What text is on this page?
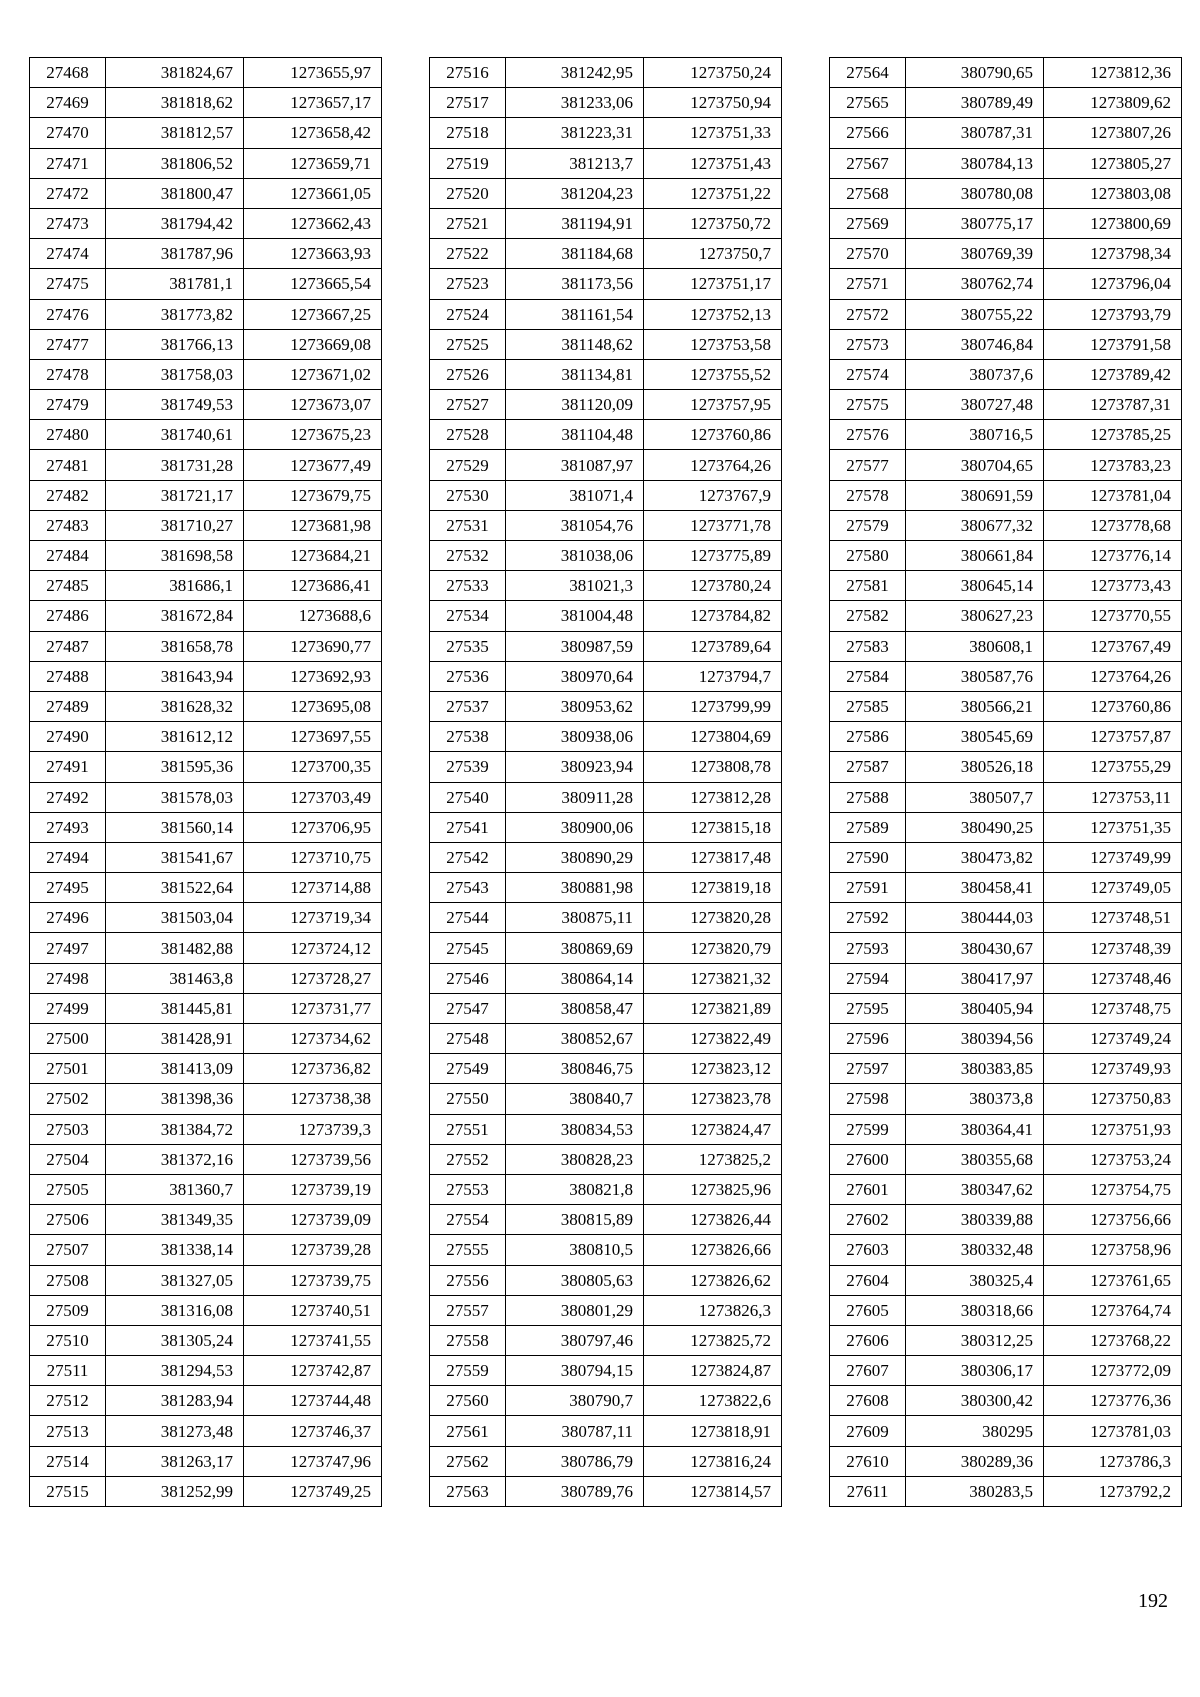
27468	381824,67	1273655,97
27469	381818,62	1273657,17
27470	381812,57	1273658,42
27471	381806,52	1273659,71
27472	381800,47	1273661,05
27473	381794,42	1273662,43
27474	381787,96	1273663,93
27475	381781,1	1273665,54
27476	381773,82	1273667,25
27477	381766,13	1273669,08
27478	381758,03	1273671,02
27479	381749,53	1273673,07
27480	381740,61	1273675,23
27481	381731,28	1273677,49
27482	381721,17	1273679,75
27483	381710,27	1273681,98
27484	381698,58	1273684,21
27485	381686,1	1273686,41
27486	381672,84	1273688,6
27487	381658,78	1273690,77
27488	381643,94	1273692,93
27489	381628,32	1273695,08
27490	381612,12	1273697,55
27491	381595,36	1273700,35
27492	381578,03	1273703,49
27493	381560,14	1273706,95
27494	381541,67	1273710,75
27495	381522,64	1273714,88
27496	381503,04	1273719,34
27497	381482,88	1273724,12
27498	381463,8	1273728,27
27499	381445,81	1273731,77
27500	381428,91	1273734,62
27501	381413,09	1273736,82
27502	381398,36	1273738,38
27503	381384,72	1273739,3
27504	381372,16	1273739,56
27505	381360,7	1273739,19
27506	381349,35	1273739,09
27507	381338,14	1273739,28
27508	381327,05	1273739,75
27509	381316,08	1273740,51
27510	381305,24	1273741,55
27511	381294,53	1273742,87
27512	381283,94	1273744,48
27513	381273,48	1273746,37
27514	381263,17	1273747,96
27515	381252,99	1273749,25
27516	381242,95	1273750,24
27517	381233,06	1273750,94
27518	381223,31	1273751,33
27519	381213,7	1273751,43
27520	381204,23	1273751,22
27521	381194,91	1273750,72
27522	381184,68	1273750,7
27523	381173,56	1273751,17
27524	381161,54	1273752,13
27525	381148,62	1273753,58
27526	381134,81	1273755,52
27527	381120,09	1273757,95
27528	381104,48	1273760,86
27529	381087,97	1273764,26
27530	381071,4	1273767,9
27531	381054,76	1273771,78
27532	381038,06	1273775,89
27533	381021,3	1273780,24
27534	381004,48	1273784,82
27535	380987,59	1273789,64
27536	380970,64	1273794,7
27537	380953,62	1273799,99
27538	380938,06	1273804,69
27539	380923,94	1273808,78
27540	380911,28	1273812,28
27541	380900,06	1273815,18
27542	380890,29	1273817,48
27543	380881,98	1273819,18
27544	380875,11	1273820,28
27545	380869,69	1273820,79
27546	380864,14	1273821,32
27547	380858,47	1273821,89
27548	380852,67	1273822,49
27549	380846,75	1273823,12
27550	380840,7	1273823,78
27551	380834,53	1273824,47
27552	380828,23	1273825,2
27553	380821,8	1273825,96
27554	380815,89	1273826,44
27555	380810,5	1273826,66
27556	380805,63	1273826,62
27557	380801,29	1273826,3
27558	380797,46	1273825,72
27559	380794,15	1273824,87
27560	380790,7	1273822,6
27561	380787,11	1273818,91
27562	380786,79	1273816,24
27563	380789,76	1273814,57
27564	380790,65	1273812,36
27565	380789,49	1273809,62
27566	380787,31	1273807,26
27567	380784,13	1273805,27
27568	380780,08	1273803,08
27569	380775,17	1273800,69
27570	380769,39	1273798,34
27571	380762,74	1273796,04
27572	380755,22	1273793,79
27573	380746,84	1273791,58
27574	380737,6	1273789,42
27575	380727,48	1273787,31
27576	380716,5	1273785,25
27577	380704,65	1273783,23
27578	380691,59	1273781,04
27579	380677,32	1273778,68
27580	380661,84	1273776,14
27581	380645,14	1273773,43
27582	380627,23	1273770,55
27583	380608,1	1273767,49
27584	380587,76	1273764,26
27585	380566,21	1273760,86
27586	380545,69	1273757,87
27587	380526,18	1273755,29
27588	380507,7	1273753,11
27589	380490,25	1273751,35
27590	380473,82	1273749,99
27591	380458,41	1273749,05
27592	380444,03	1273748,51
27593	380430,67	1273748,39
27594	380417,97	1273748,46
27595	380405,94	1273748,75
27596	380394,56	1273749,24
27597	380383,85	1273749,93
27598	380373,8	1273750,83
27599	380364,41	1273751,93
27600	380355,68	1273753,24
27601	380347,62	1273754,75
27602	380339,88	1273756,66
27603	380332,48	1273758,96
27604	380325,4	1273761,65
27605	380318,66	1273764,74
27606	380312,25	1273768,22
27607	380306,17	1273772,09
27608	380300,42	1273776,36
27609	380295	1273781,03
27610	380289,36	1273786,3
27611	380283,5	1273792,2
192
